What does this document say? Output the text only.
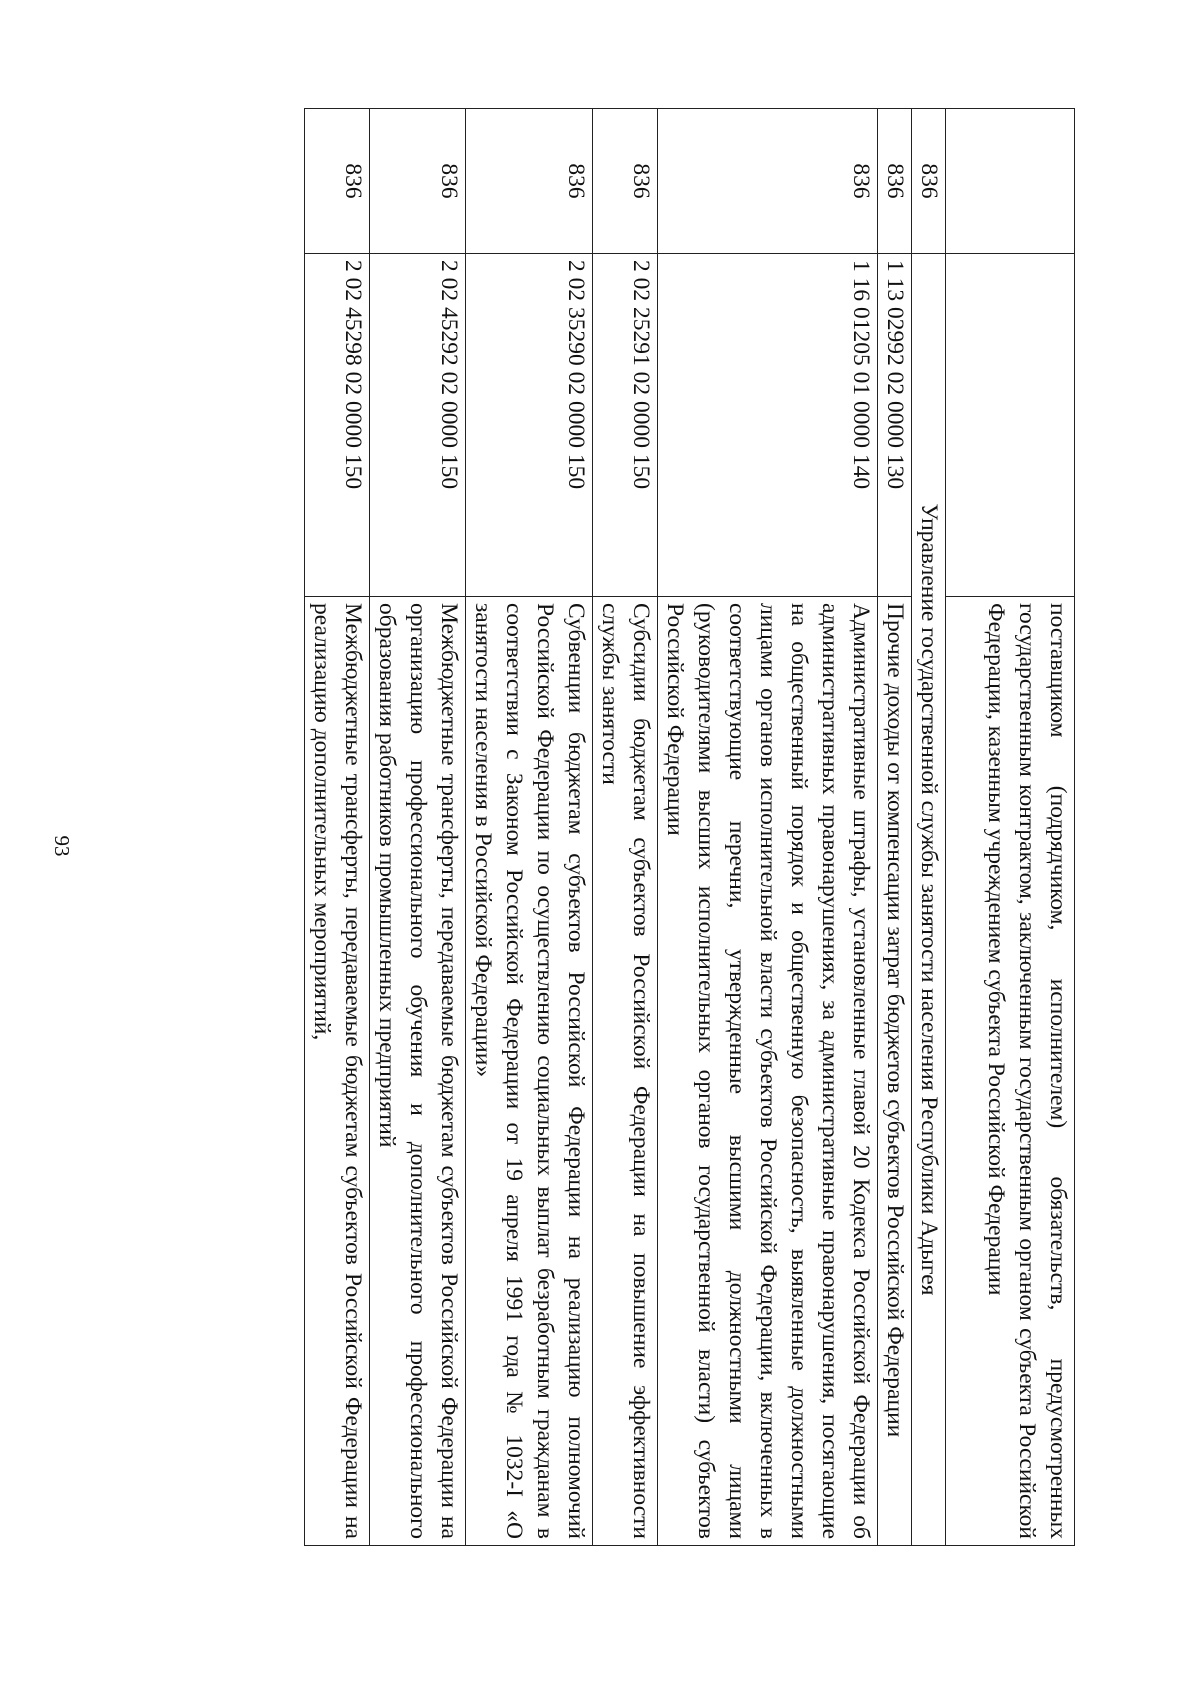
93
			поставщиком (подрядчиком, исполнителем) обязательств, предусмотренных государственным контрактом, заключенным государственным органом субъекта Российской Федерации, казенным учреждением субъекта Российской Федерации
836	Управление государственной службы занятости населения Республики Адыгея	
836	1 13 02992 02 0000 130	Прочие доходы от компенсации затрат бюджетов субъектов Российской Федерации
836	1 16 01205 01 0000 140	Административные штрафы, установленные главой 20 Кодекса Российской Федерации об административных правонарушениях, за административные правонарушения, посягающие на общественный порядок и общественную безопасность, выявленные должностными лицами органов исполнительной власти субъектов Российской Федерации, включенных в соответствующие перечни, утвержденные высшими должностными лицами (руководителями высших исполнительных органов государственной власти) субъектов Российской Федерации
836	2 02 25291 02 0000 150	Субсидии бюджетам субъектов Российской Федерации на повышение эффективности службы занятости
836	2 02 35290 02 0000 150	Субвенции бюджетам субъектов Российской Федерации на реализацию полномочий Российской Федерации по осуществлению социальных выплат безработным гражданам в соответствии с Законом Российской Федерации от 19 апреля 1991 года № 1032-I «О занятости населения в Российской Федерации»
836	2 02 45292 02 0000 150	Межбюджетные трансферты, передаваемые бюджетам субъектов Российской Федерации на организацию профессионального обучения и дополнительного профессионального образования работников промышленных предприятий
836	2 02 45298 02 0000 150	Межбюджетные трансферты, передаваемые бюджетам субъектов Российской Федерации на реализацию дополнительных мероприятий,
